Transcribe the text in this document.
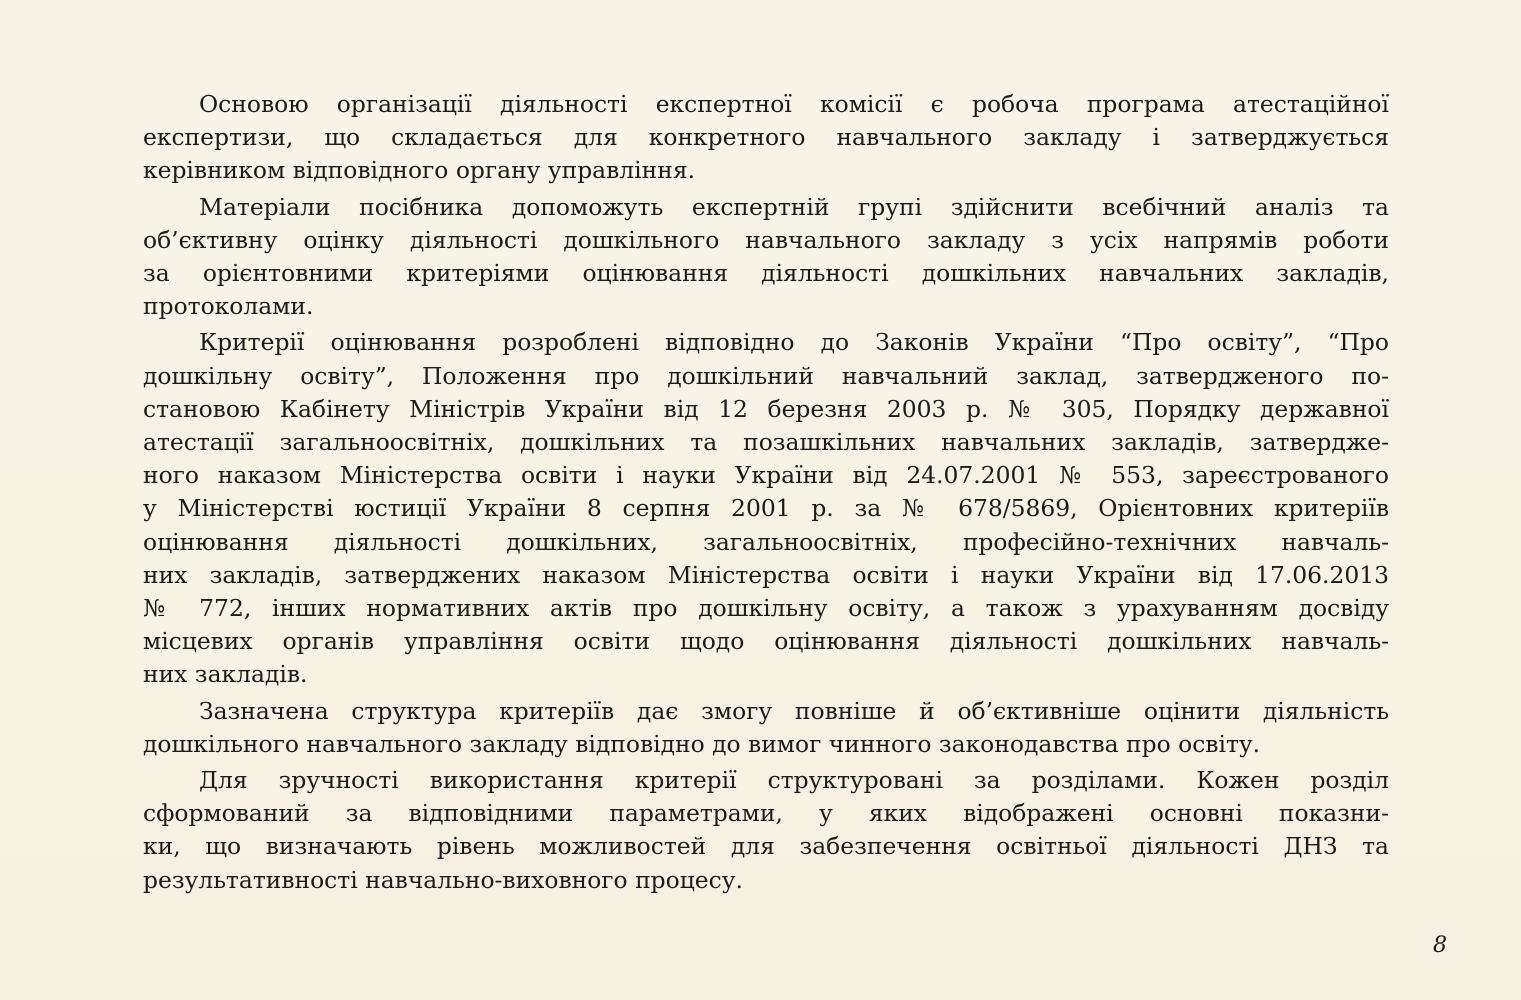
Основою організації діяльності експертної комісії є робоча програма атестаційної
експертизи, що складається для конкретного навчального закладу і затверджується
керівником відповідного органу управління.
Матеріали посібника допоможуть експертній групі здійснити всебічний аналіз та
об’єктивну оцінку діяльності дошкільного навчального закладу з усіх напрямів роботи
за орієнтовними критеріями оцінювання діяльності дошкільних навчальних закладів,
протоколами.
Критерії оцінювання розроблені відповідно до Законів України “Про освіту”, “Про
дошкільну освіту”, Положення про дошкільний навчальний заклад, затвердженого по-
становою Кабінету Міністрів України від 12 березня 2003 р. № 305, Порядку державної
атестації загальноосвітніх, дошкільних та позашкільних навчальних закладів, затвердже-
ного наказом Міністерства освіти і науки України від 24.07.2001 № 553, зареєстрованого
у Міністерстві юстиції України 8 серпня 2001 р. за № 678/5869, Орієнтовних критеріїв
оцінювання діяльності дошкільних, загальноосвітніх, професійно-технічних навчаль-
них закладів, затверджених наказом Міністерства освіти і науки України від 17.06.2013
№ 772, інших нормативних актів про дошкільну освіту, а також з урахуванням досвіду
місцевих органів управління освіти щодо оцінювання діяльності дошкільних навчаль-
них закладів.
Зазначена структура критеріїв дає змогу повніше й об’єктивніше оцінити діяльність
дошкільного навчального закладу відповідно до вимог чинного законодавства про освіту.
Для зручності використання критерії структуровані за розділами. Кожен розділ
сформований за відповідними параметрами, у яких відображені основні показни-
ки, що визначають рівень можливостей для забезпечення освітньої діяльності ДНЗ та
результативності навчально-виховного процесу.
8
